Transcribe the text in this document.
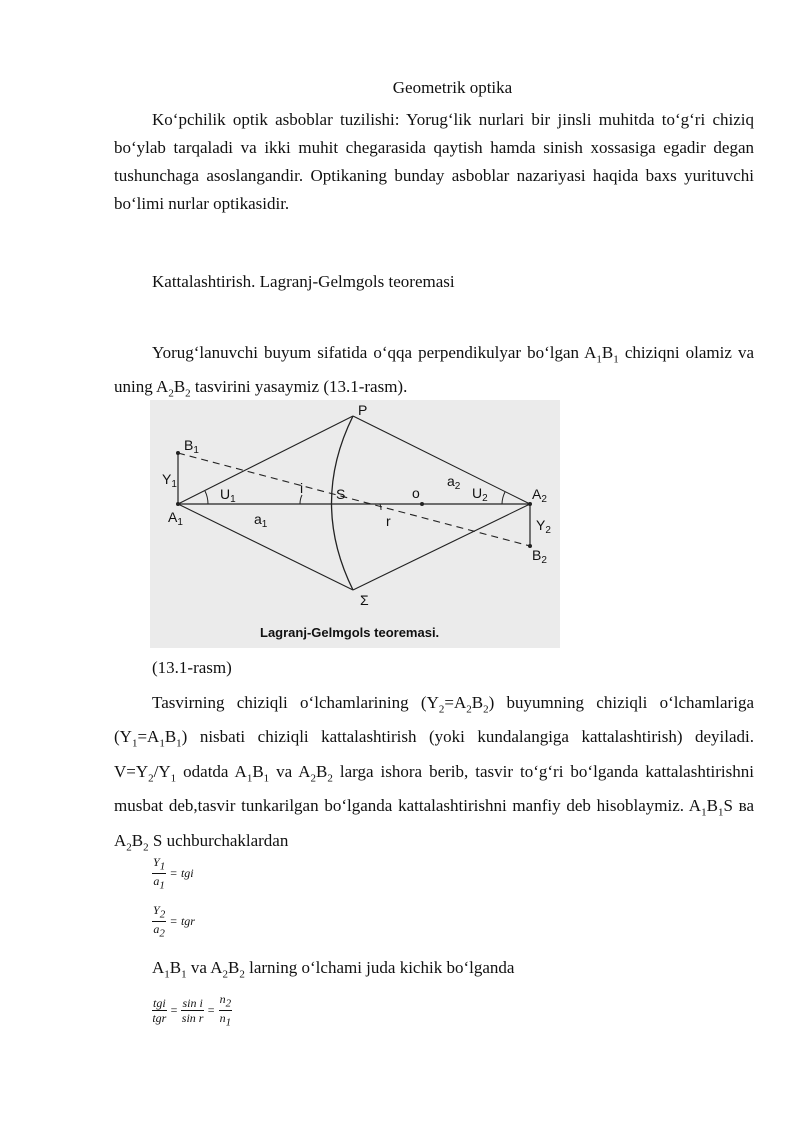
Geometrik optika
Ko‘pchilik optik asboblar tuzilishi: Yorug‘lik nurlari bir jinsli muhitda to‘g‘ri chiziq bo‘ylab tarqaladi va ikki muhit chegarasida qaytish hamda sinish xossasiga egadir degan tushunchaga asoslangandir. Optikaning bunday asboblar nazariyasi haqida baxs yurituvchi bo‘limi nurlar optikasidir.
Kattalashtirish. Lagranj-Gelmgols teoremasi
Yorug‘lanuvchi buyum sifatida o‘qqa perpendikulyar bo‘lgan $A_1B_1$ chiziqni olamiz va uning $A_2B_2$ tasvirini yasaymiz (13.1-rasm).
P
$B_1$
$Y_1$
$U_1$
i S	o
$a_2$ $U_2$	$A_2$
$A_1$	$a_1$	r	$Y_2$
$B_2$
Σ
Lagranj-Gelmgols teoremasi.
(13.1-rasm)
Tasvirning chiziqli o‘lchamlarining $(Y_2=A_2B_2)$ buyumning chiziqli o‘lchamlariga $(Y_1=A_1B_1)$ nisbati chiziqli kattalashtirish (yoki kundalangiga kattalashtirish) deyiladi. $V=Y_2/Y_1$ odatda $A_1B_1$ va $A_2B_2$ larga ishora berib, tasvir to‘g‘ri bo‘lganda kattalashtirishni musbat deb,tasvir tunkarilgan bo‘lganda kattalashtirishni manfiy deb hisoblaymiz. $A_1B_1S$ ва $A_2B_2$ S uchburchaklardan
$\frac{Y_1}{a_1}$ = tgi
$\frac{Y_2}{a_2}$ = tgr
$A_1B_1$ va $A_2B_2$ larning o‘lchami juda kichik bo‘lganda
$\frac{\text{tgi}}{\text{tgr}} = \frac{\text{sin i}}{\text{sin r}} = \frac{n_2}{n_1}$
